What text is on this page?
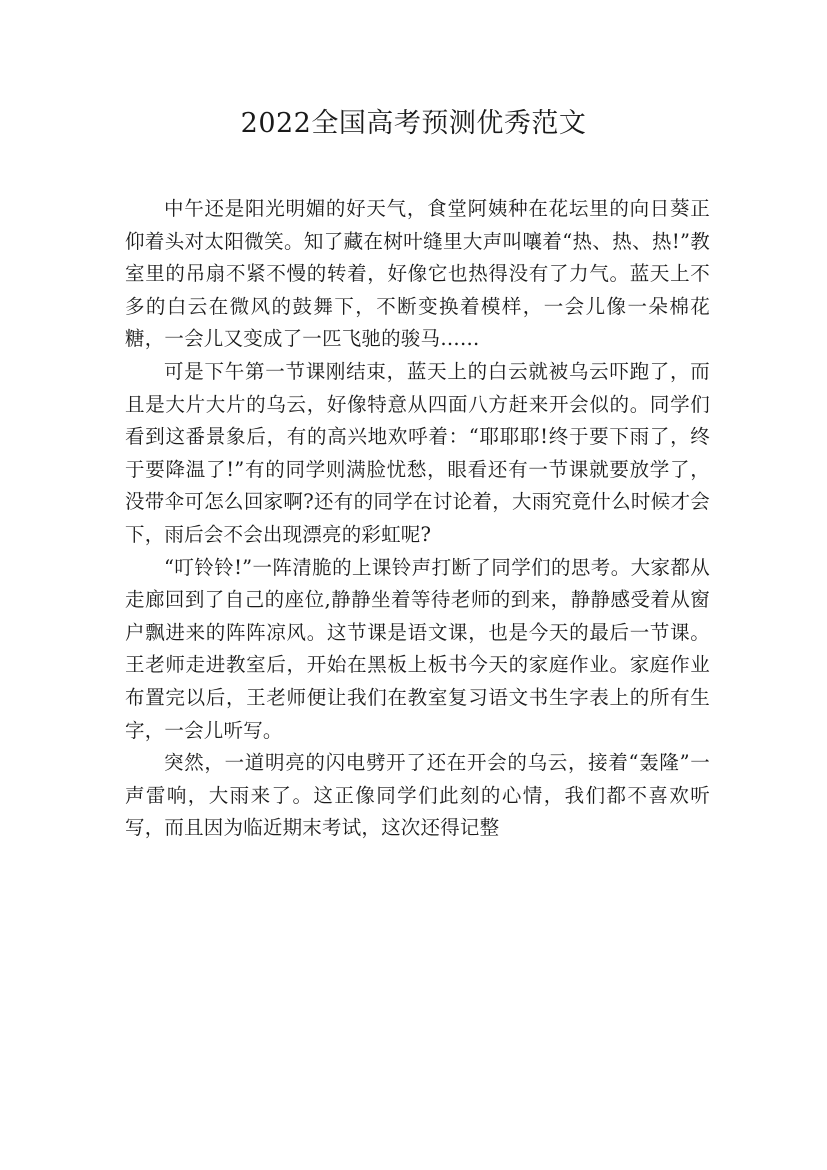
2022全国高考预测优秀范文

中午还是阳光明媚的好天气，食堂阿姨种在花坛里的向日葵正仰着头对太阳微笑。知了藏在树叶缝里大声叫嚷着“热、热、热!”教室里的吊扇不紧不慢的转着，好像它也热得没有了力气。蓝天上不多的白云在微风的鼓舞下，不断变换着模样，一会儿像一朵棉花糖，一会儿又变成了一匹飞驰的骏马……

可是下午第一节课刚结束，蓝天上的白云就被乌云吓跑了，而且是大片大片的乌云，好像特意从四面八方赶来开会似的。同学们看到这番景象后，有的高兴地欢呼着：“耶耶耶!终于要下雨了，终于要降温了!”有的同学则满脸忧愁，眼看还有一节课就要放学了，没带伞可怎么回家啊?还有的同学在讨论着，大雨究竟什么时候才会下，雨后会不会出现漂亮的彩虹呢?

“叮铃铃!”一阵清脆的上课铃声打断了同学们的思考。大家都从走廊回到了自己的座位,静静坐着等待老师的到来，静静感受着从窗户飘进来的阵阵凉风。这节课是语文课，也是今天的最后一节课。王老师走进教室后，开始在黑板上板书今天的家庭作业。家庭作业布置完以后，王老师便让我们在教室复习语文书生字表上的所有生字，一会儿听写。

突然，一道明亮的闪电劈开了还在开会的乌云，接着“轰隆”一声雷响，大雨来了。这正像同学们此刻的心情，我们都不喜欢听写，而且因为临近期末考试，这次还得记整
